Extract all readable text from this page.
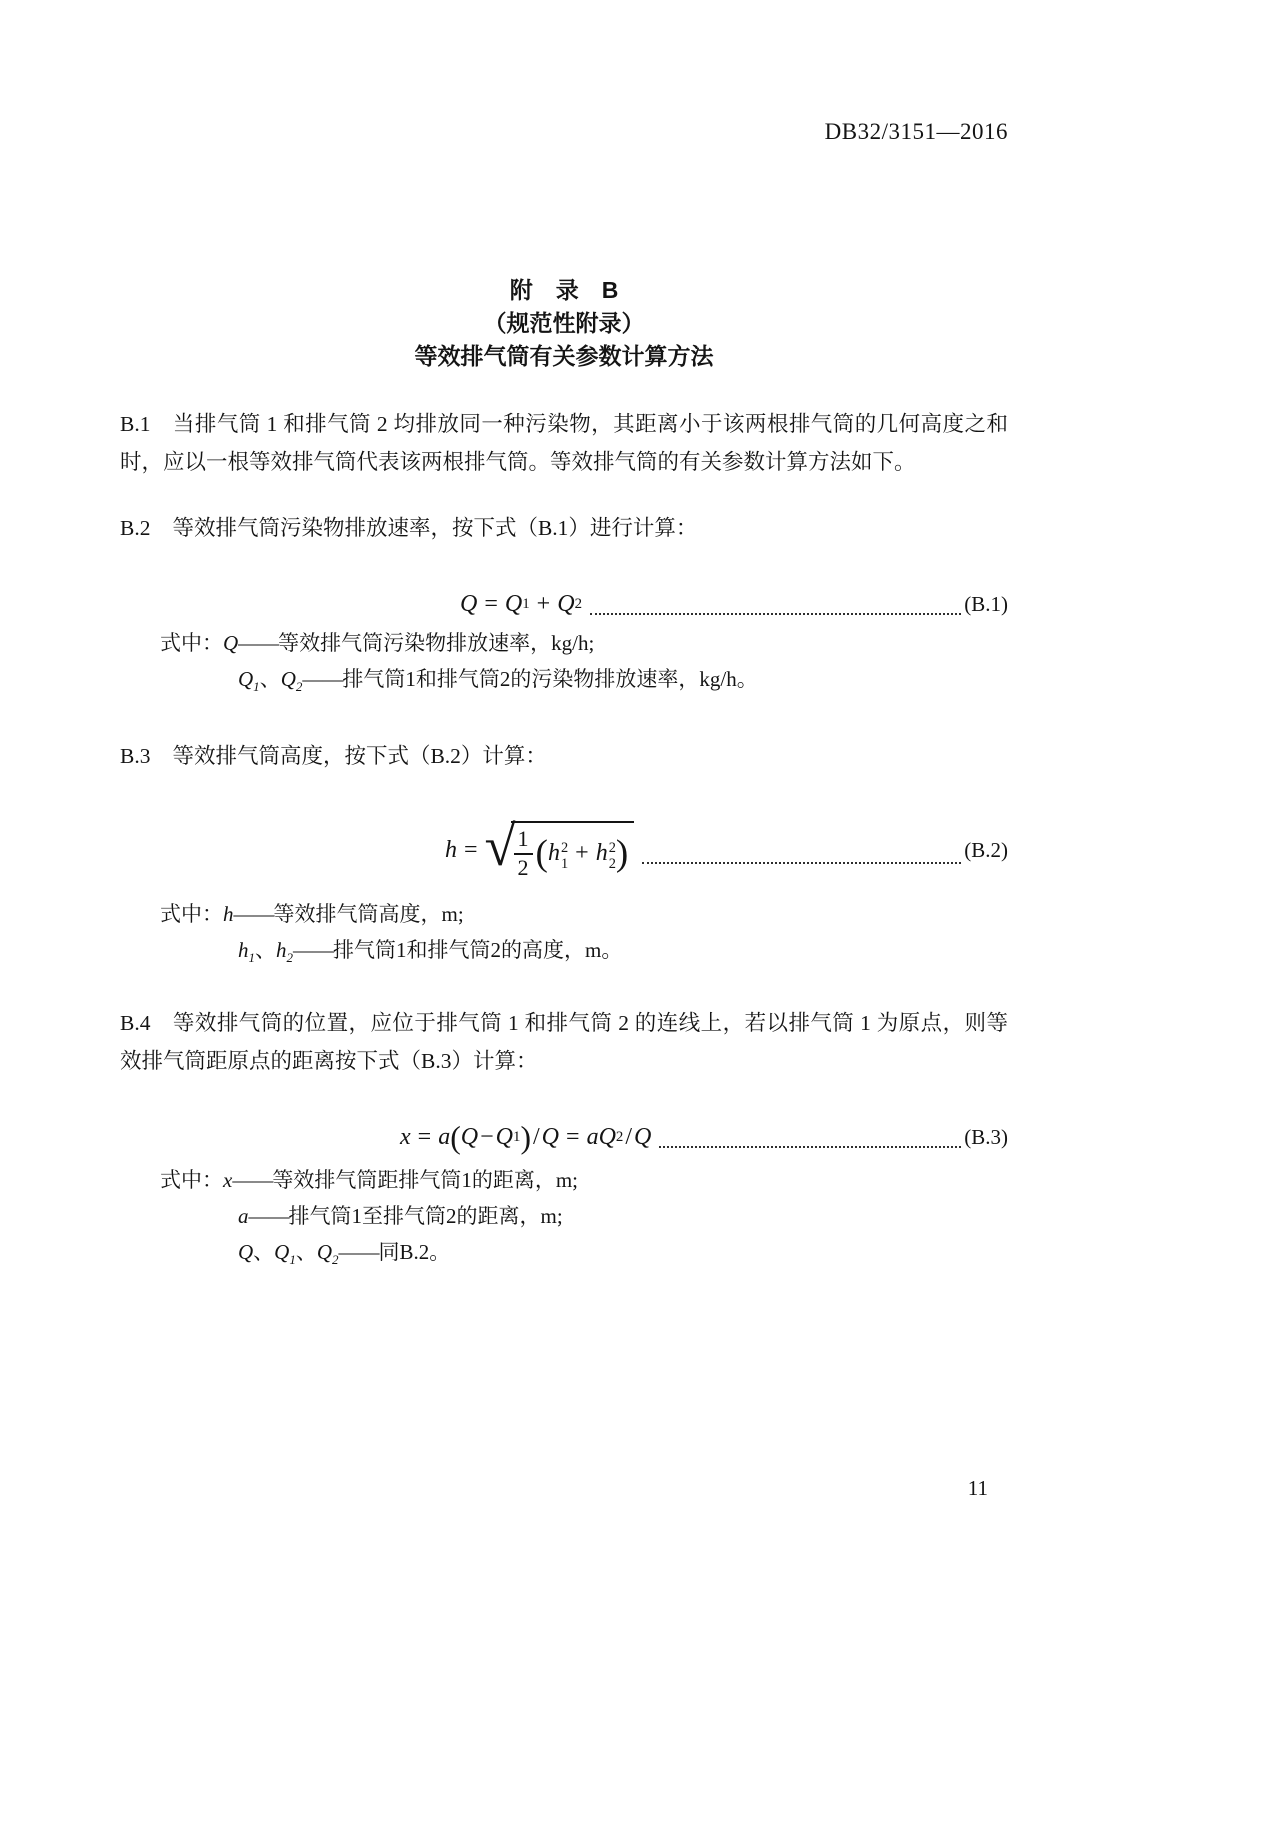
DB32/3151—2016
附　录　B
（规范性附录）
等效排气筒有关参数计算方法
B.1 当排气筒 1 和排气筒 2 均排放同一种污染物，其距离小于该两根排气筒的几何高度之和时，应以一根等效排气筒代表该两根排气筒。等效排气筒的有关参数计算方法如下。
B.2 等效排气筒污染物排放速率，按下式（B.1）进行计算：
Q = Q 1 + Q 2	(B.1)
式中：Q——等效排气筒污染物排放速率，kg/h;
$Q_1$、$Q_2——$排气筒1和排气筒2的污染物排放速率，kg/h。
B.3 等效排气筒高度，按下式（B.2）计算：
h = √
$\frac{1}{2}$ ( h 2
1 + h 2
2 )	(B.2)
式中：h——等效排气筒高度，m;
$h_1$、$h_2——$排气筒1和排气筒2的高度，m。
B.4 等效排气筒的位置，应位于排气筒 1 和排气筒 2 的连线上，若以排气筒 1 为原点，则等效排气筒距原点的距离按下式（B.3）计算：
x = a ( Q − Q 1 ) / Q = a Q 2 / Q	(B.3)
式中：x——等效排气筒距排气筒1的距离，m;
a——排气筒1至排气筒2的距离，m;
Q、$Q_1$、$Q_2——$同B.2。
11
